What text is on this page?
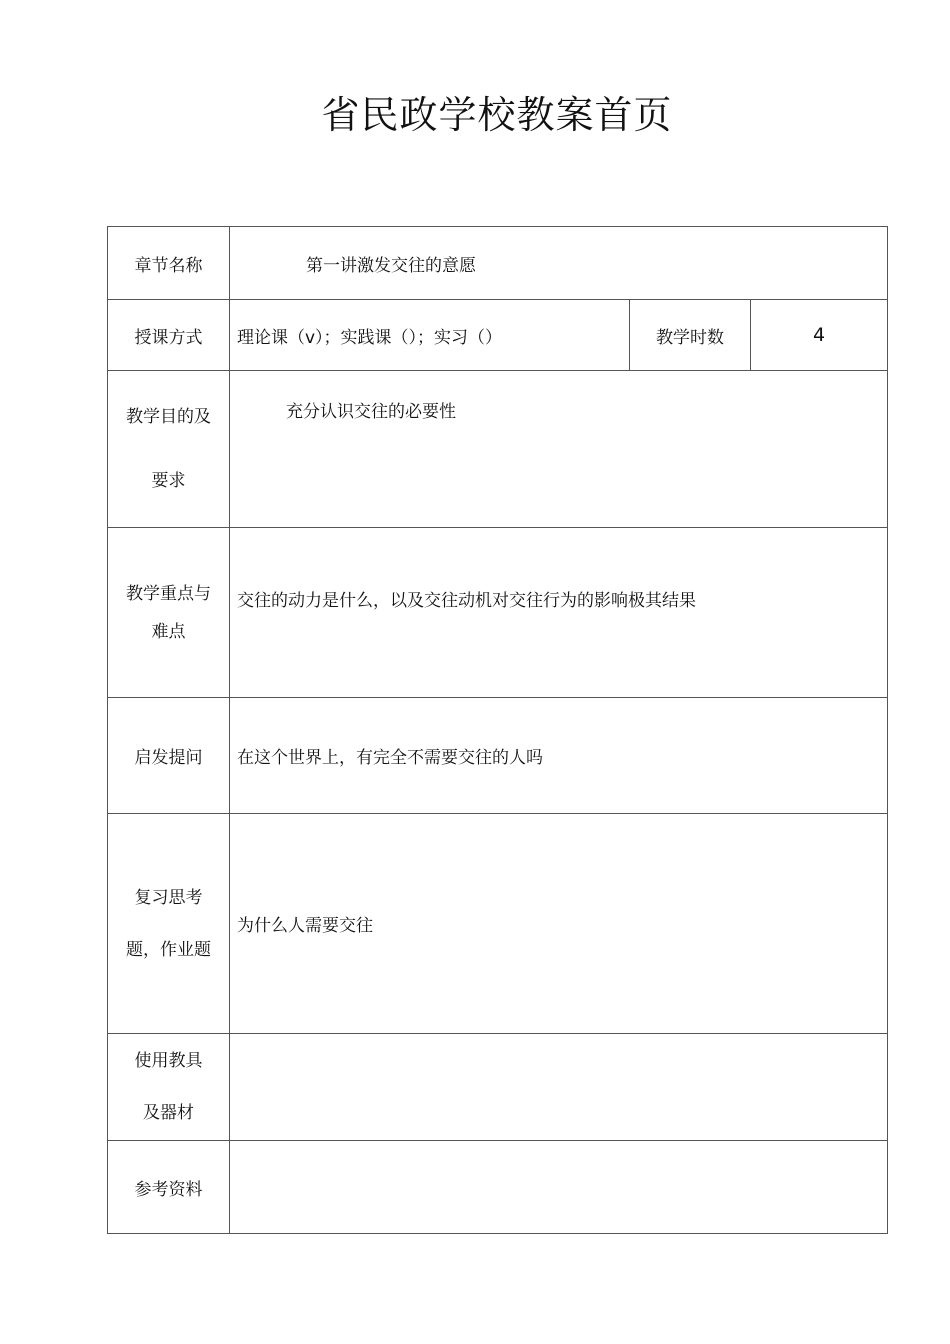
省民政学校教案首页
章节名称	第一讲激发交往的意愿		
授课方式	理论课（v）；实践课（）；实习（）	教学时数	4

教学目的及
要求	充分认识交往的必要性		

教学重点与
难点	交往的动力是什么，以及交往动机对交往行为的影响极其结果		
启发提问	在这个世界上，有完全不需要交往的人吗		

复习思考
题，作业题	为什么人需要交往		

使用教具
及器材			

参考资料			
